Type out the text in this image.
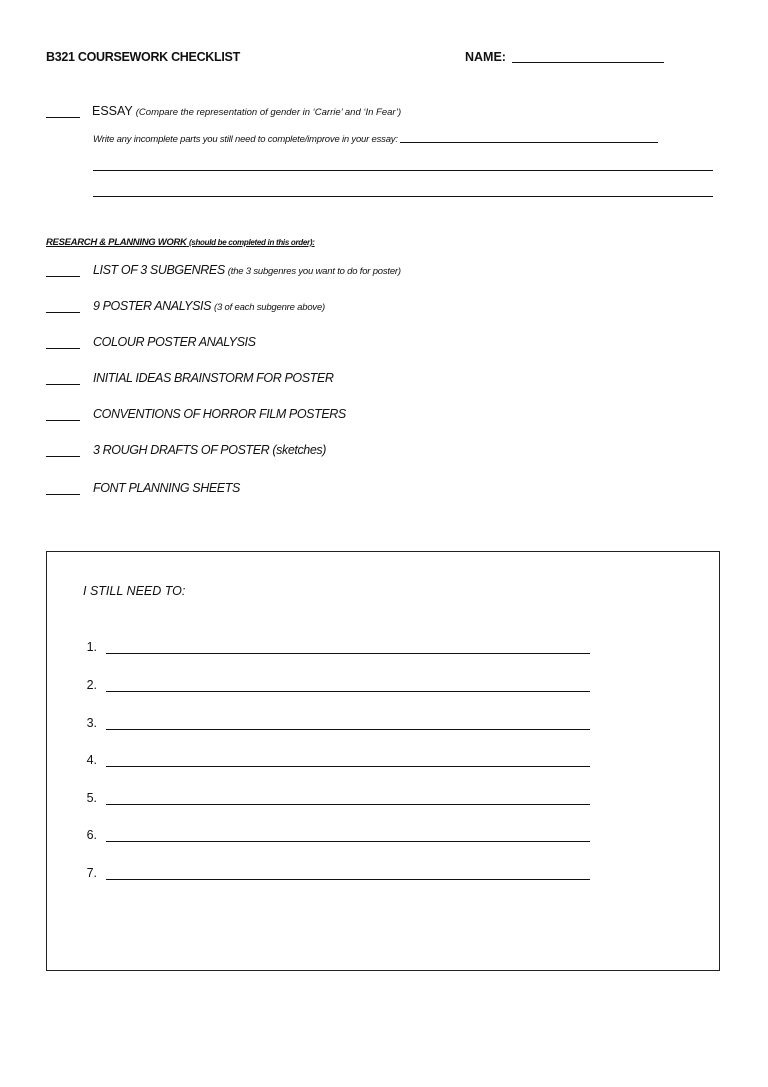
B321 COURSEWORK CHECKLIST	NAME:
ESSAY (Compare the representation of gender in ‘Carrie’ and ‘In Fear’)
Write any incomplete parts you still need to complete/improve in your essay:
RESEARCH & PLANNING WORK (should be completed in this order):
LIST OF 3 SUBGENRES (the 3 subgenres you want to do for poster)
9 POSTER ANALYSIS (3 of each subgenre above)
COLOUR POSTER ANALYSIS
INITIAL IDEAS BRAINSTORM FOR POSTER
CONVENTIONS OF HORROR FILM POSTERS
3 ROUGH DRAFTS OF POSTER (sketches)
FONT PLANNING SHEETS
I STILL NEED TO:
1.
2.
3.
4.
5.
6.
7.
